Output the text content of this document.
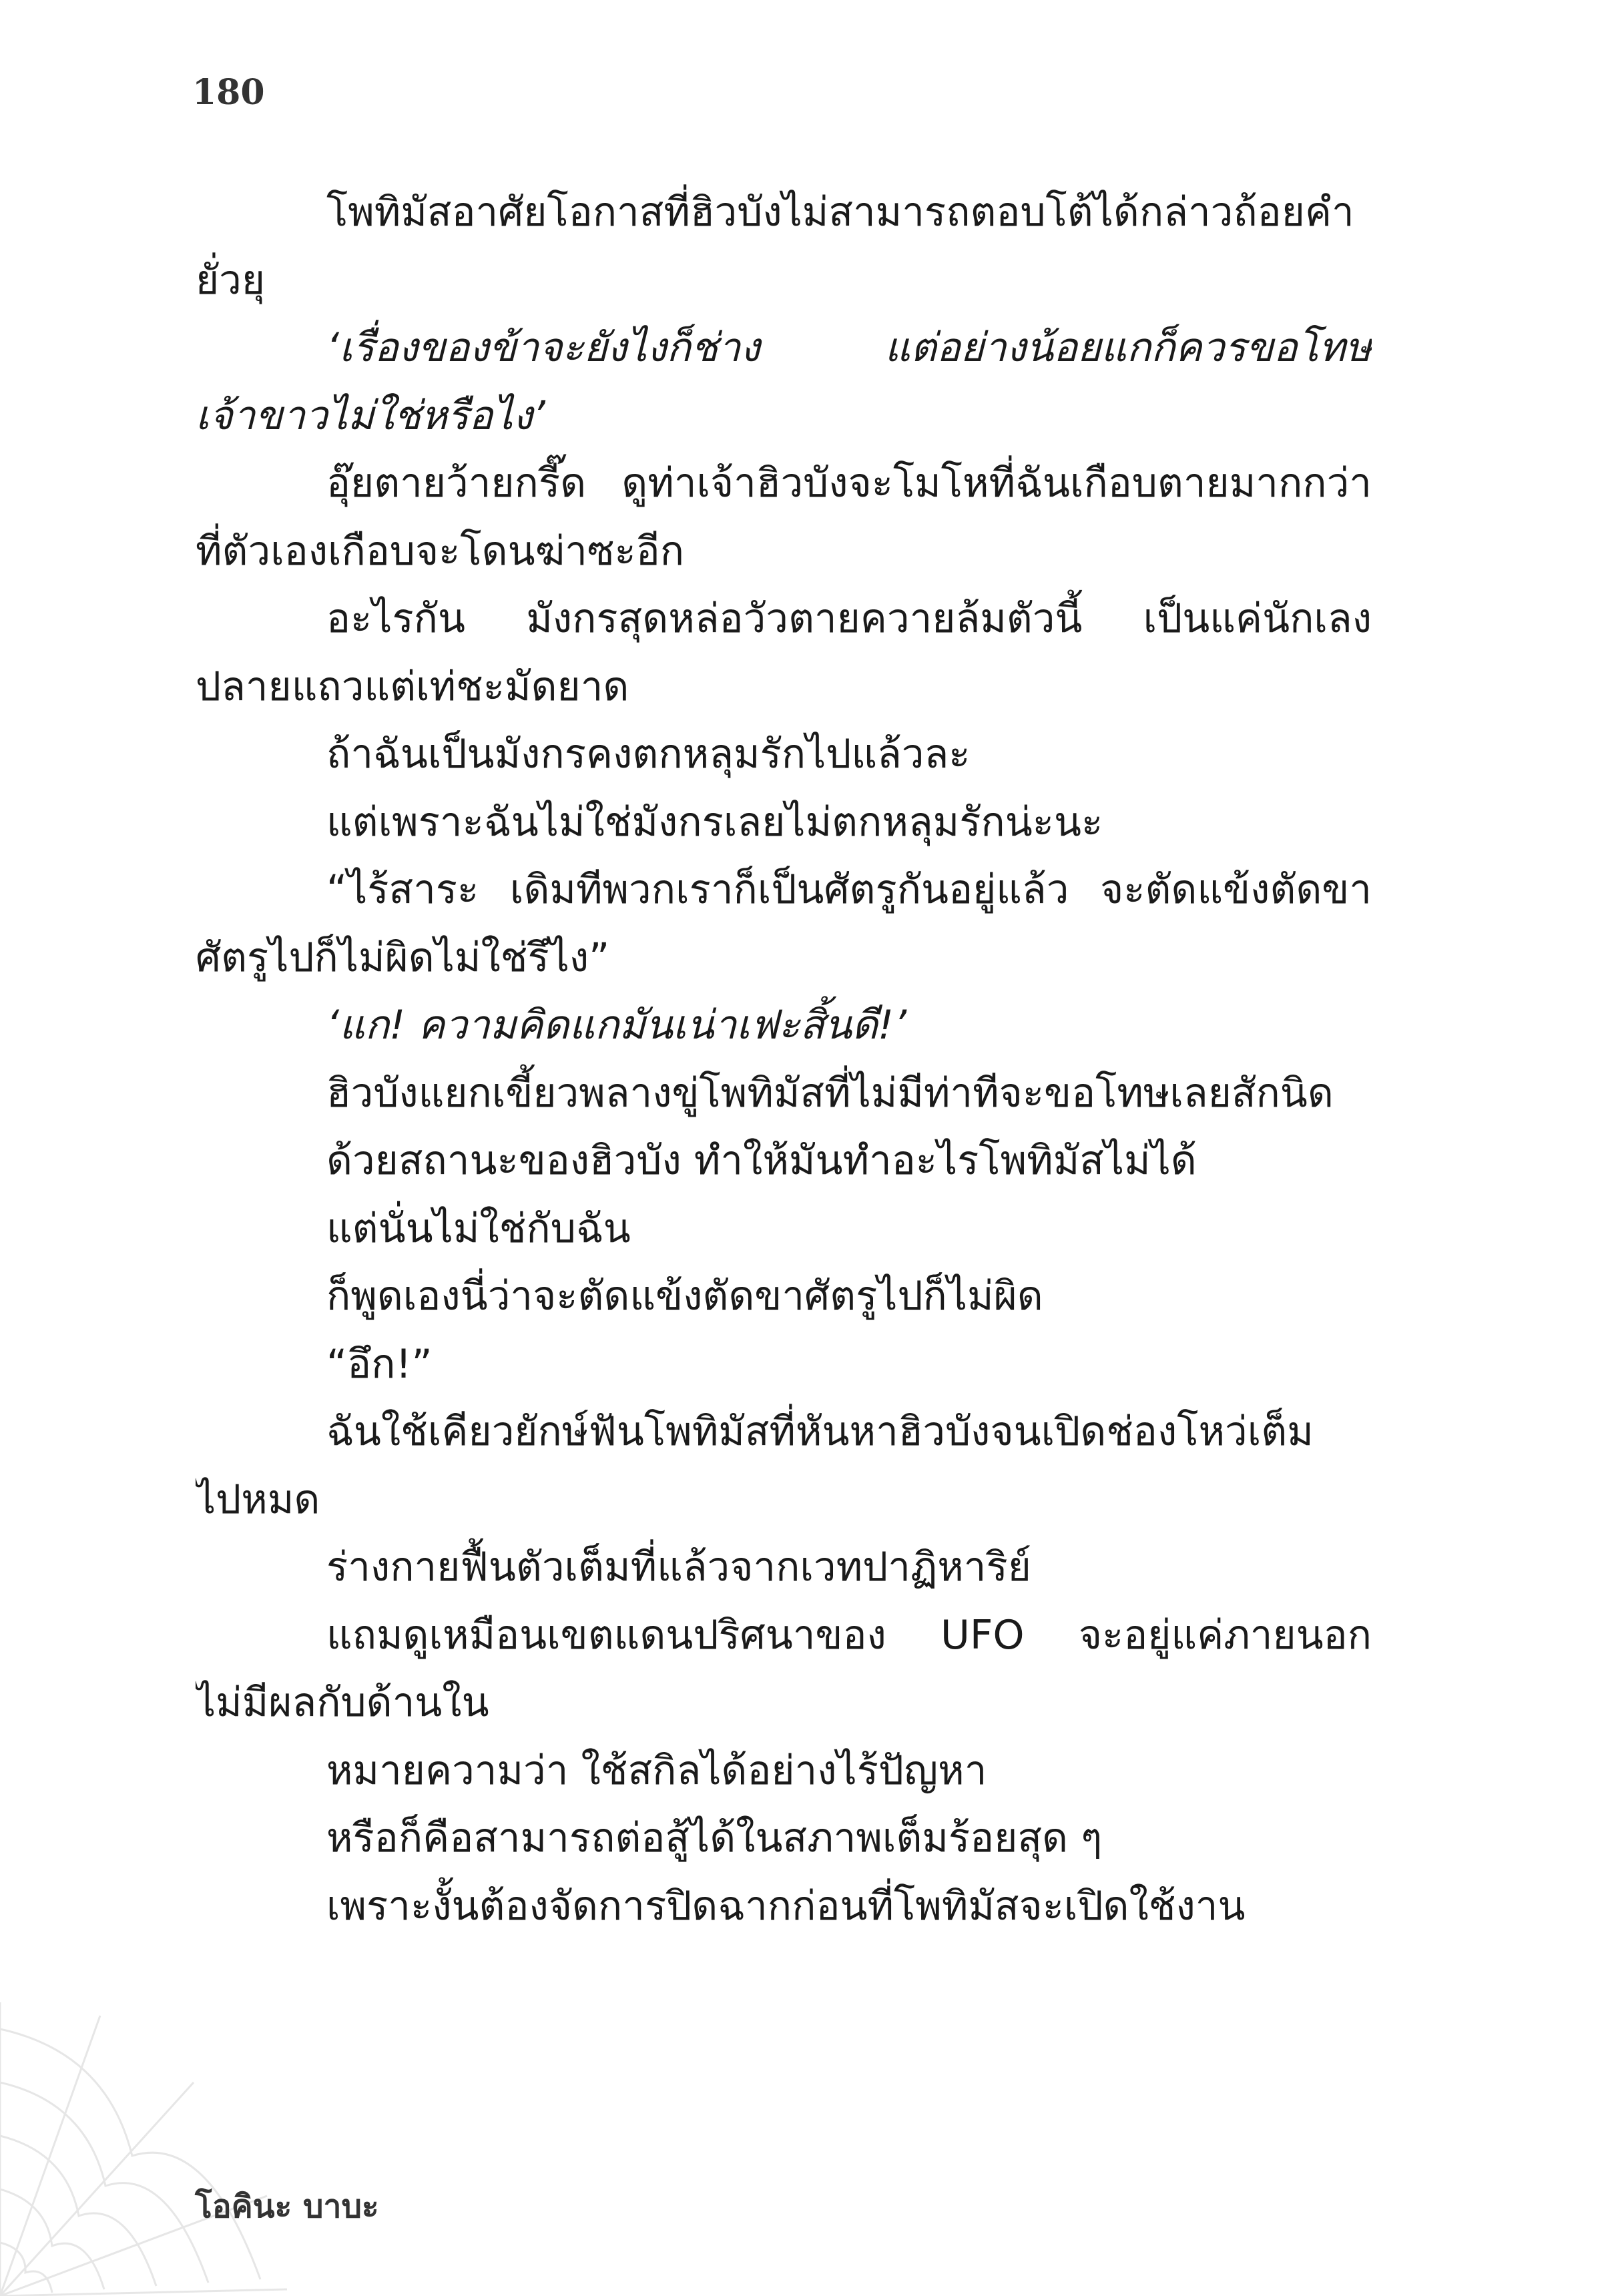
180
โพทิมัสอาศัยโอกาสที่ฮิวบังไม่สามารถตอบโต้ได้กล่าวถ้อยคำ
ยั่วยุ
‘เรื่องของข้าจะยังไงก็ช่าง แต่อย่างน้อยแกก็ควรขอโทษ
เจ้าขาวไม่ใช่หรือไง’
อุ๊ยตายว้ายกรี๊ด ดูท่าเจ้าฮิวบังจะโมโหที่ฉันเกือบตายมากกว่า
ที่ตัวเองเกือบจะโดนฆ่าซะอีก
อะไรกัน มังกรสุดหล่อวัวตายควายล้มตัวนี้ เป็นแค่นักเลง
ปลายแถวแต่เท่ชะมัดยาด
ถ้าฉันเป็นมังกรคงตกหลุมรักไปแล้วละ
แต่เพราะฉันไม่ใช่มังกรเลยไม่ตกหลุมรักน่ะนะ
“ไร้สาระ เดิมทีพวกเราก็เป็นศัตรูกันอยู่แล้ว จะตัดแข้งตัดขา
ศัตรูไปก็ไม่ผิดไม่ใช่รึไง”
‘แก! ความคิดแกมันเน่าเฟะสิ้นดี!’
ฮิวบังแยกเขี้ยวพลางขู่โพทิมัสที่ไม่มีท่าทีจะขอโทษเลยสักนิด
ด้วยสถานะของฮิวบัง ทำให้มันทำอะไรโพทิมัสไม่ได้
แต่นั่นไม่ใช่กับฉัน
ก็พูดเองนี่ว่าจะตัดแข้งตัดขาศัตรูไปก็ไม่ผิด
“อึก!”
ฉันใช้เคียวยักษ์ฟันโพทิมัสที่หันหาฮิวบังจนเปิดช่องโหว่เต็ม
ไปหมด
ร่างกายฟื้นตัวเต็มที่แล้วจากเวทปาฏิหาริย์
แถมดูเหมือนเขตแดนปริศนาของ UFO จะอยู่แค่ภายนอก
ไม่มีผลกับด้านใน
หมายความว่า ใช้สกิลได้อย่างไร้ปัญหา
หรือก็คือสามารถต่อสู้ได้ในสภาพเต็มร้อยสุด ๆ
เพราะงั้นต้องจัดการปิดฉากก่อนที่โพทิมัสจะเปิดใช้งาน
โอคินะ บาบะ
